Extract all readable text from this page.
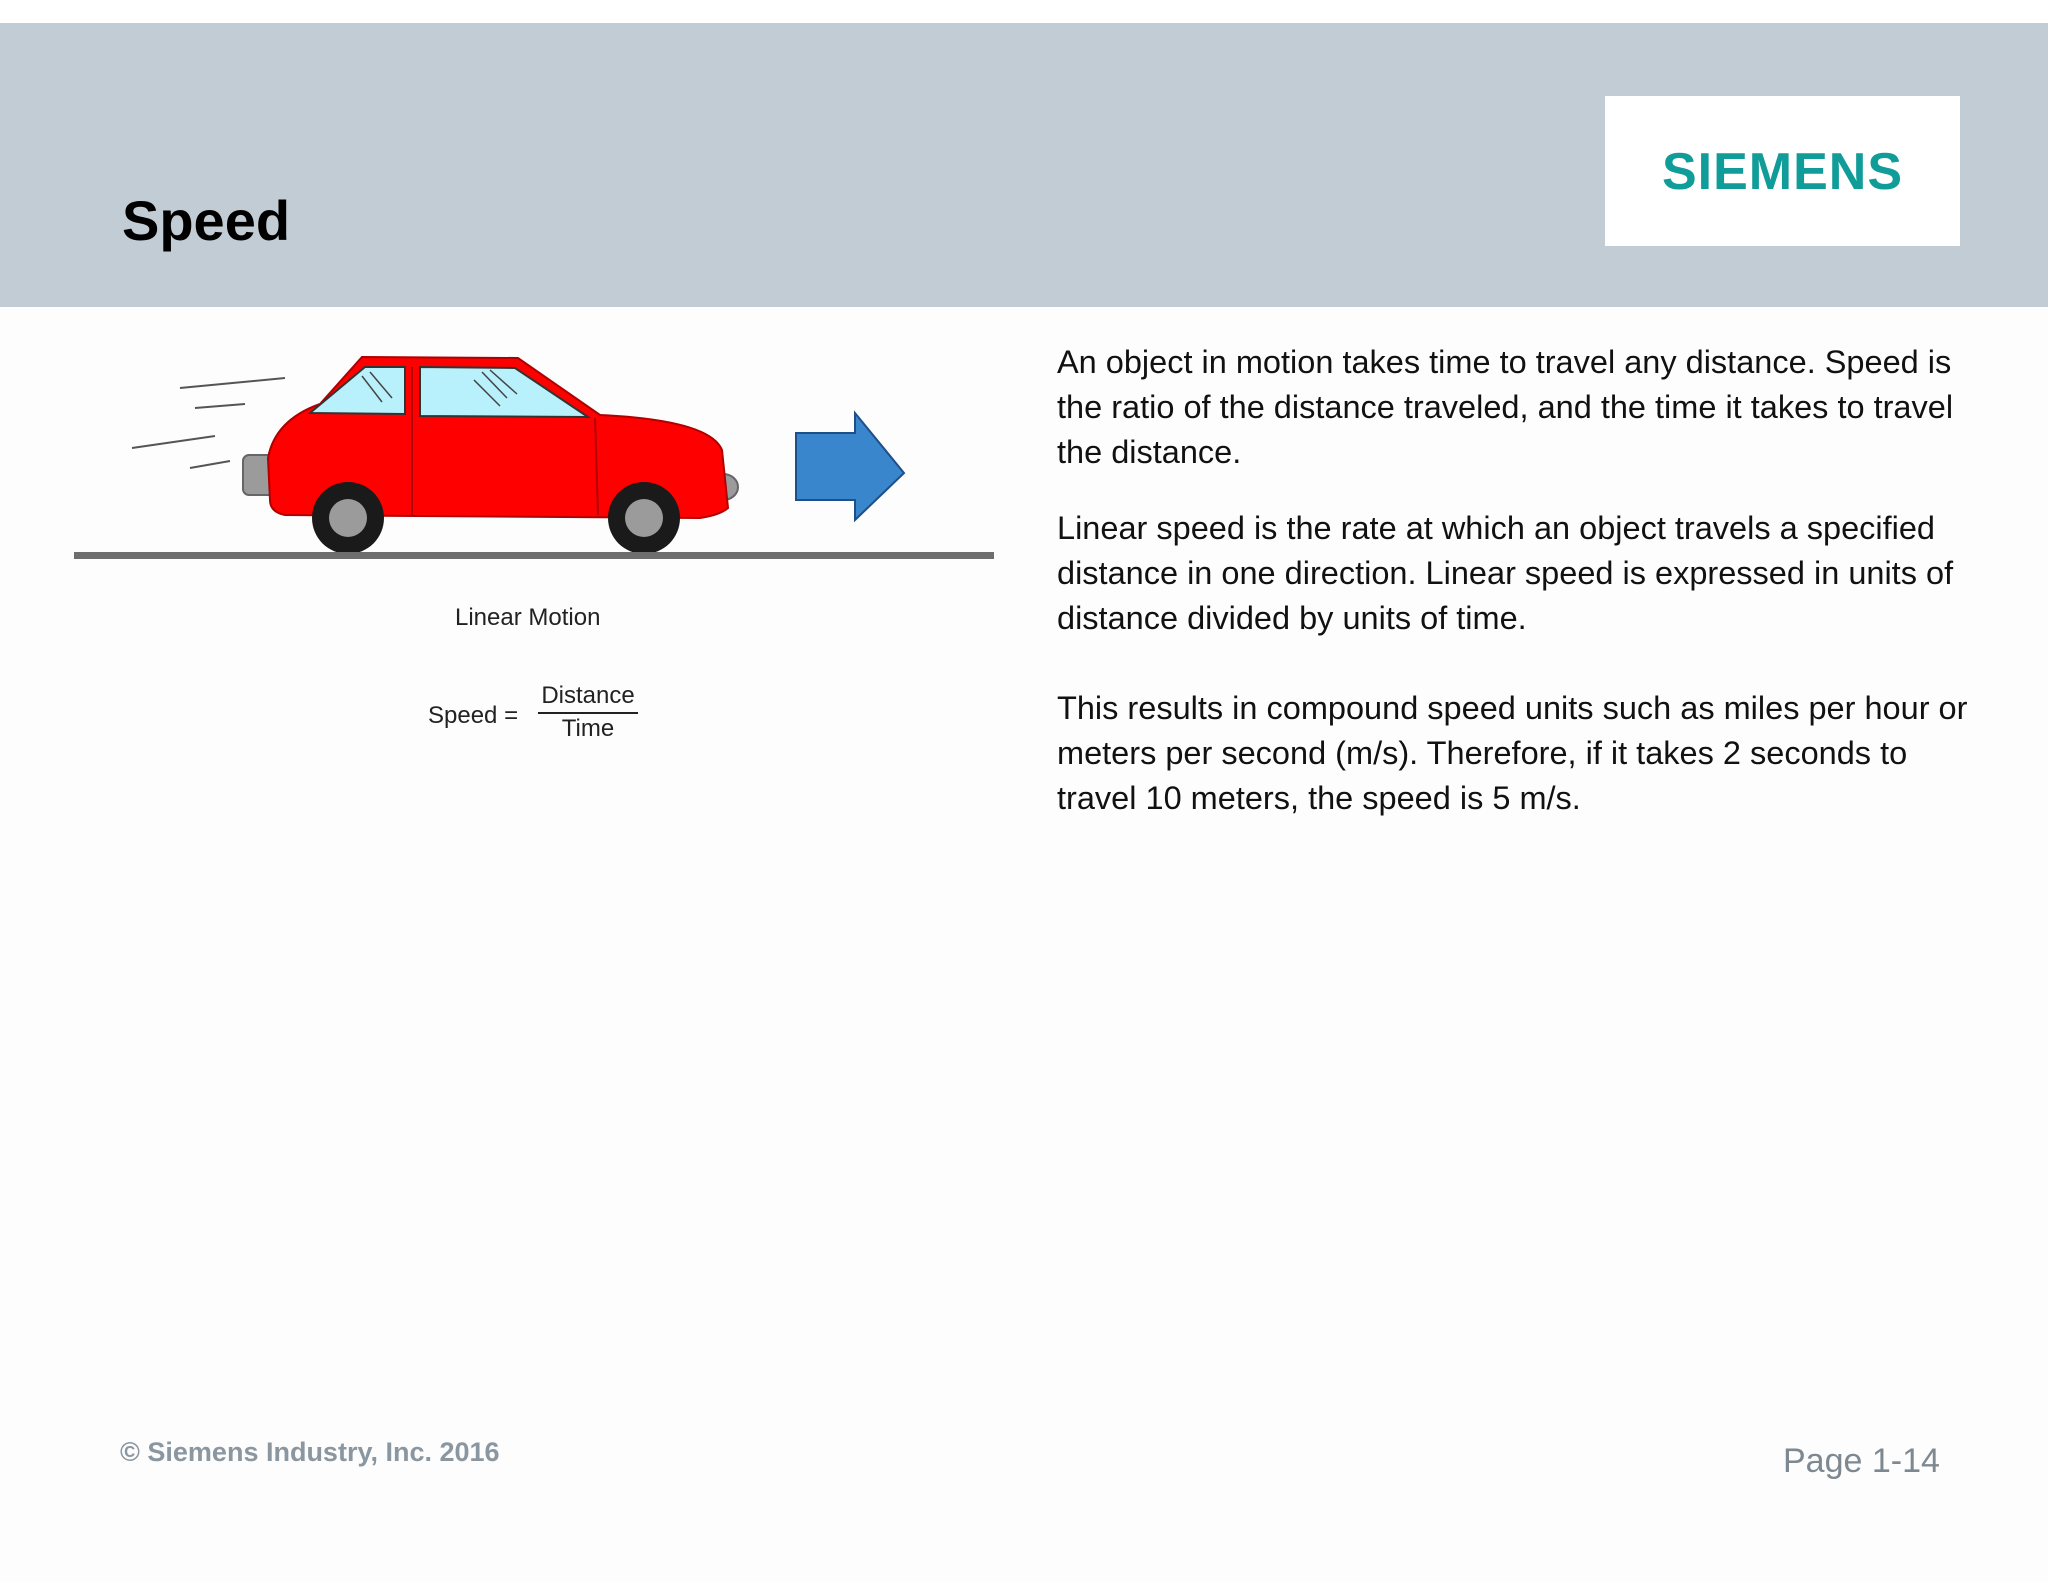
Speed
SIEMENS
Linear Motion
Speed =
Distance
Time

An object in motion takes time to travel any distance. Speed is the ratio of the distance traveled, and the time it takes to travel the distance.

Linear speed is the rate at which an object travels a specified distance in one direction. Linear speed is expressed in units of distance divided by units of time.

This results in compound speed units such as miles per hour or meters per second (m/s). Therefore, if it takes 2 seconds to travel 10 meters, the speed is 5 m/s.

© Siemens Industry, Inc. 2016	Page 1-14
